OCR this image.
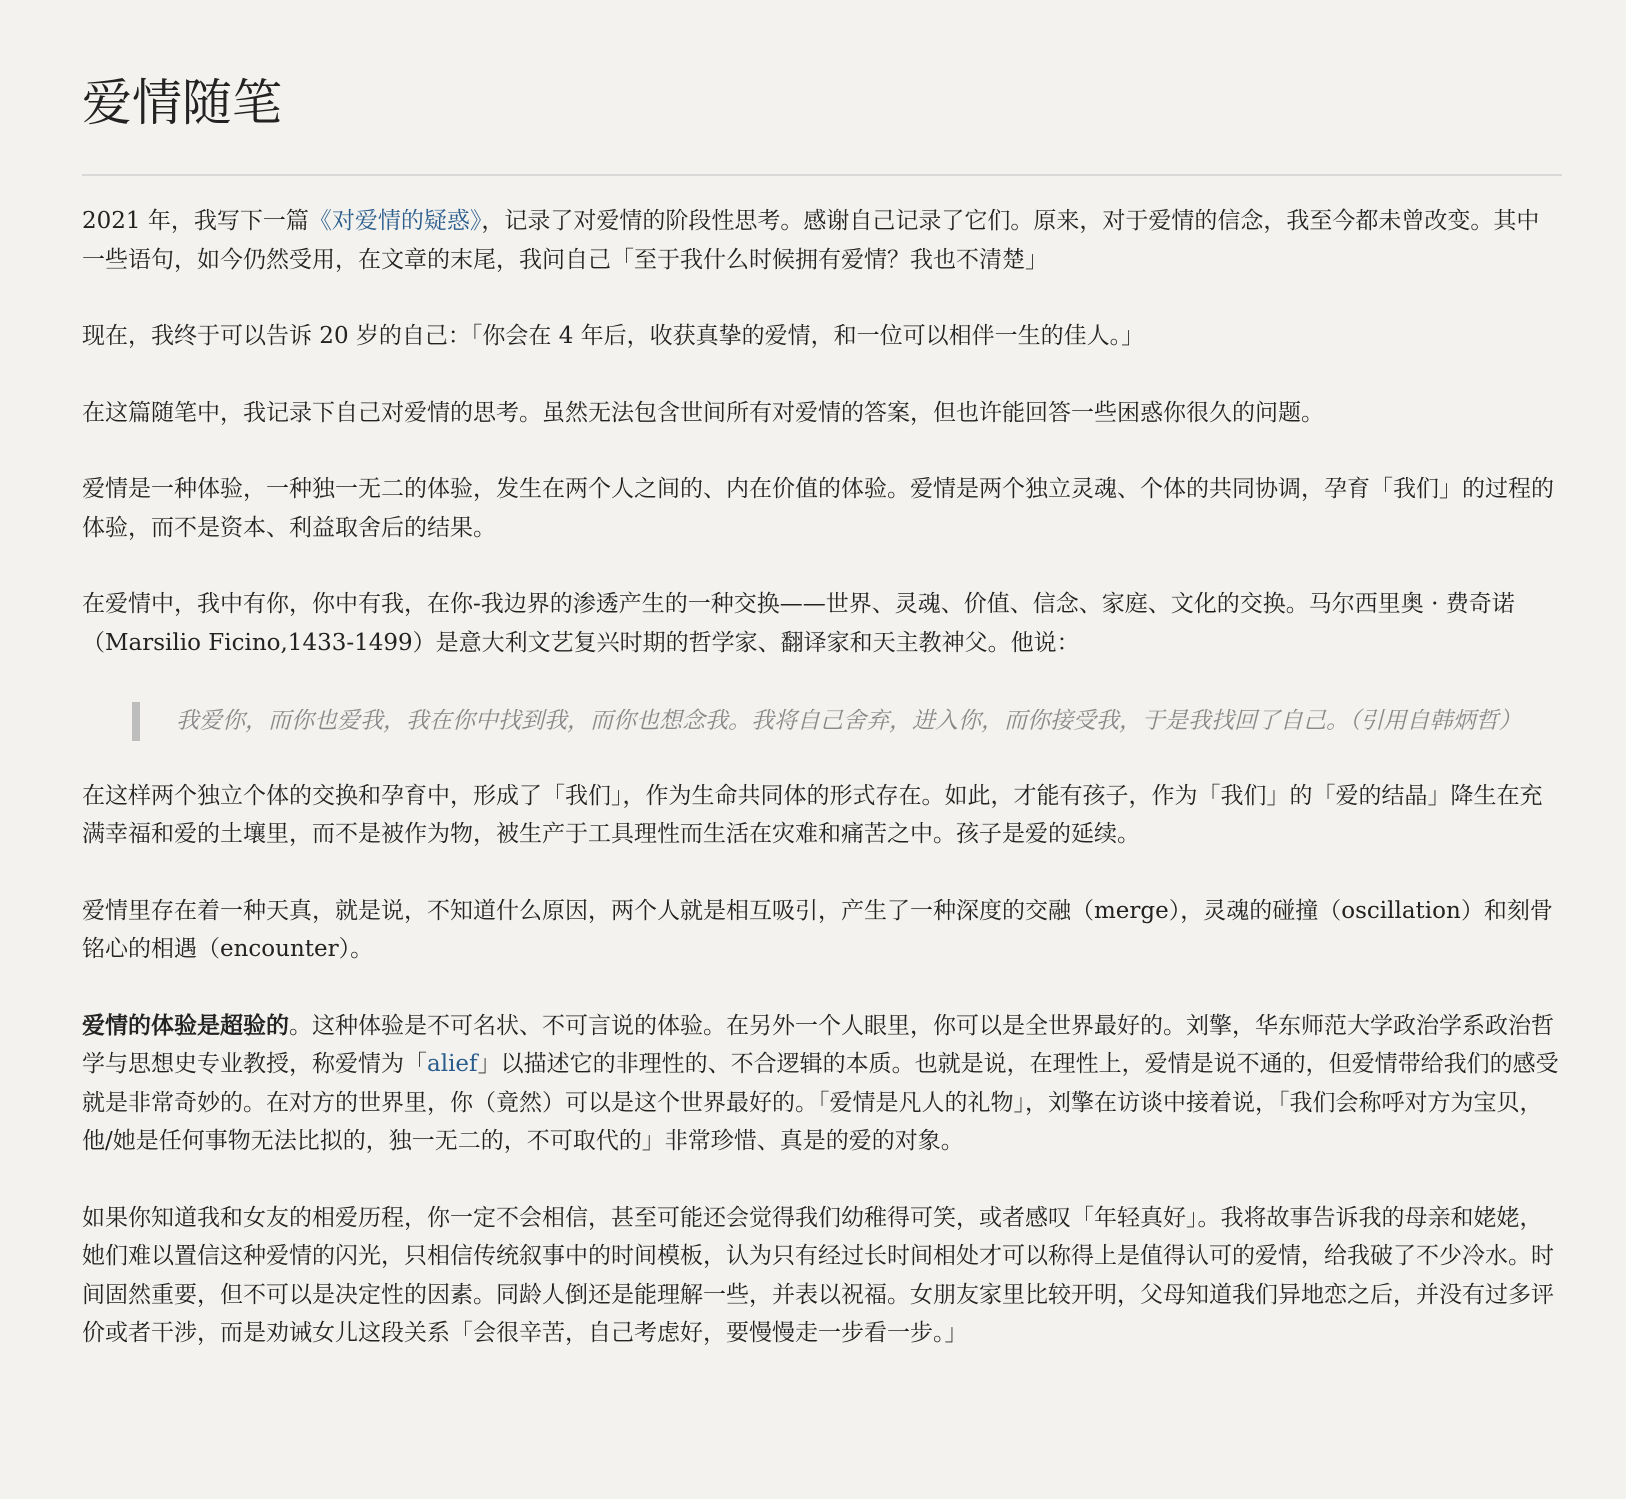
爱情随笔

2021 年，我写下一篇《对爱情的疑惑》，记录了对爱情的阶段性思考。感谢自己记录了它们。原来，对于爱情的信念，我至今都未曾改变。其中一些语句，如今仍然受用，在文章的末尾，我问自己「至于我什么时候拥有爱情？我也不清楚」

现在，我终于可以告诉 20 岁的自己：「你会在 4 年后，收获真挚的爱情，和一位可以相伴一生的佳人。」

在这篇随笔中，我记录下自己对爱情的思考。虽然无法包含世间所有对爱情的答案，但也许能回答一些困惑你很久的问题。

爱情是一种体验，一种独一无二的体验，发生在两个人之间的、内在价值的体验。爱情是两个独立灵魂、个体的共同协调，孕育「我们」的过程的体验，而不是资本、利益取舍后的结果。

在爱情中，我中有你，你中有我，在你-我边界的渗透产生的一种交换——世界、灵魂、价值、信念、家庭、文化的交换。马尔西里奥 · 费奇诺（Marsilio Ficino,1433-1499）是意大利文艺复兴时期的哲学家、翻译家和天主教神父。他说：

我爱你，而你也爱我，我在你中找到我，而你也想念我。我将自己舍弃，进入你，而你接受我，于是我找回了自己。（引用自韩炳哲）

在这样两个独立个体的交换和孕育中，形成了「我们」，作为生命共同体的形式存在。如此，才能有孩子，作为「我们」的「爱的结晶」降生在充满幸福和爱的土壤里，而不是被作为物，被生产于工具理性而生活在灾难和痛苦之中。孩子是爱的延续。

爱情里存在着一种天真，就是说，不知道什么原因，两个人就是相互吸引，产生了一种深度的交融（merge），灵魂的碰撞（oscillation）和刻骨铭心的相遇（encounter）。

爱情的体验是超验的。这种体验是不可名状、不可言说的体验。在另外一个人眼里，你可以是全世界最好的。刘擎，华东师范大学政治学系政治哲学与思想史专业教授，称爱情为「alief」以描述它的非理性的、不合逻辑的本质。也就是说，在理性上，爱情是说不通的，但爱情带给我们的感受就是非常奇妙的。在对方的世界里，你（竟然）可以是这个世界最好的。「爱情是凡人的礼物」，刘擎在访谈中接着说，「我们会称呼对方为宝贝，他/她是任何事物无法比拟的，独一无二的，不可取代的」非常珍惜、真是的爱的对象。

如果你知道我和女友的相爱历程，你一定不会相信，甚至可能还会觉得我们幼稚得可笑，或者感叹「年轻真好」。我将故事告诉我的母亲和姥姥，她们难以置信这种爱情的闪光，只相信传统叙事中的时间模板，认为只有经过长时间相处才可以称得上是值得认可的爱情，给我破了不少冷水。时间固然重要，但不可以是决定性的因素。同龄人倒还是能理解一些，并表以祝福。女朋友家里比较开明，父母知道我们异地恋之后，并没有过多评价或者干涉，而是劝诫女儿这段关系「会很辛苦，自己考虑好，要慢慢走一步看一步。」
